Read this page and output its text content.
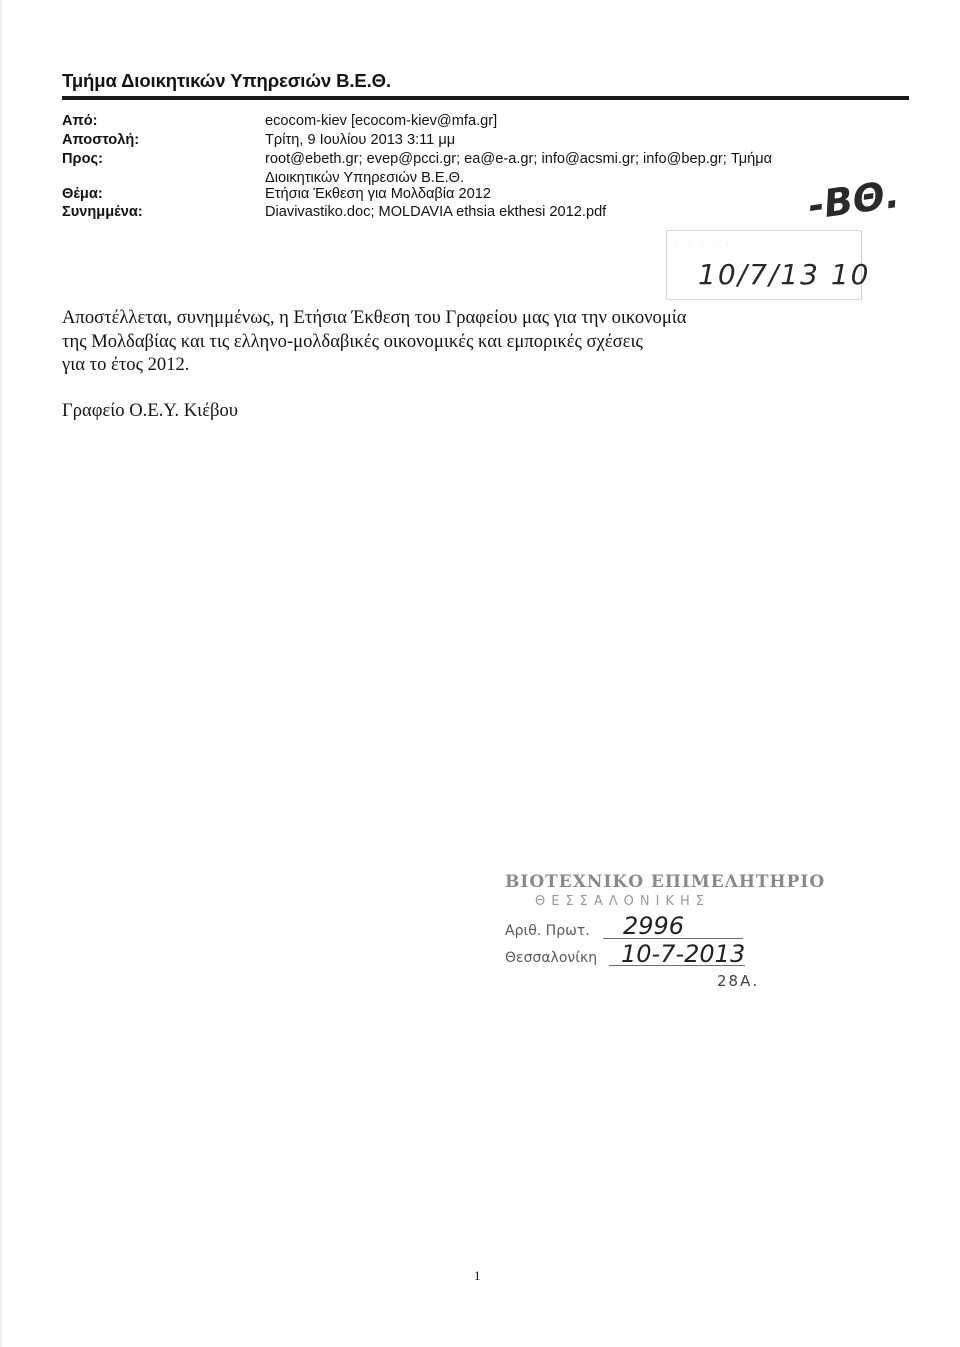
Τμήμα Διοικητικών Υπηρεσιών Β.Ε.Θ.
Από:	ecocom-kiev [ecocom-kiev@mfa.gr]
Αποστολή:	Τρίτη, 9 Ιουλίου 2013 3:11 μμ
Προς:	root@ebeth.gr; evep@pcci.gr; ea@e-a.gr; info@acsmi.gr; info@bep.gr; Τμήμα
Διοικητικών Υπηρεσιών Β.Ε.Θ.
Θέμα:	Ετήσια Έκθεση για Μολδαβία 2012
Συνημμένα:	Diavivastiko.doc; MOLDAVIA ethsia ekthesi 2012.pdf	-ΒΘ.
·····
10/7/13 10
Αποστέλλεται, συνημμένως, η Ετήσια Έκθεση του Γραφείου μας για την οικονομία
της Μολδαβίας και τις ελληνο-μολδαβικές οικονομικές και εμπορικές σχέσεις
για το έτος 2012.
Γραφείο Ο.Ε.Υ. Κιέβου
ΒΙΟΤΕΧΝΙΚΟ ΕΠΙΜΕΛΗΤΗΡΙΟ
ΘΕΣΣΑΛΟΝΙΚΗΣ
Αριθ. Πρωτ. 2996
Θεσσαλονίκη 10-7-2013
28Α.
1
